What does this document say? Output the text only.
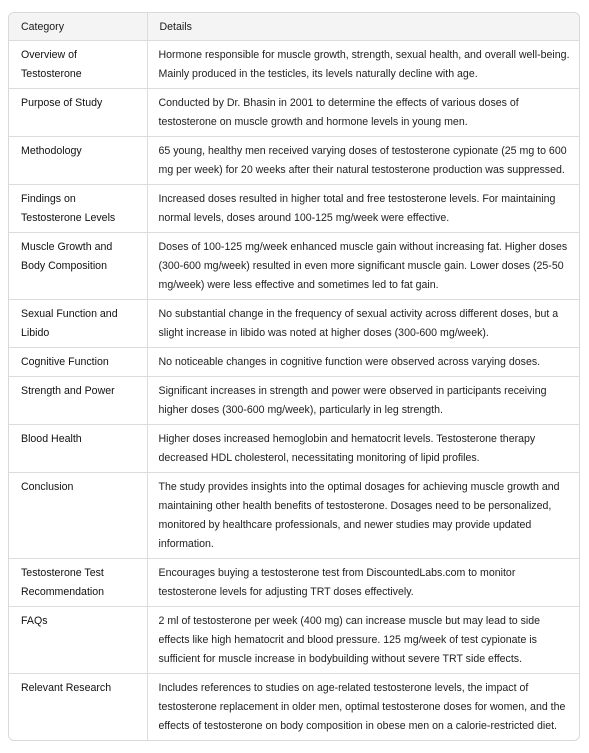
Category	Details
Overview of Testosterone	Hormone responsible for muscle growth, strength, sexual health, and overall well-being. Mainly produced in the testicles, its levels naturally decline with age.
Purpose of Study	Conducted by Dr. Bhasin in 2001 to determine the effects of various doses of testosterone on muscle growth and hormone levels in young men.
Methodology	65 young, healthy men received varying doses of testosterone cypionate (25 mg to 600 mg per week) for 20 weeks after their natural testosterone production was suppressed.
Findings on Testosterone Levels	Increased doses resulted in higher total and free testosterone levels. For maintaining normal levels, doses around 100-125 mg/week were effective.
Muscle Growth and Body Composition	Doses of 100-125 mg/week enhanced muscle gain without increasing fat. Higher doses (300-600 mg/week) resulted in even more significant muscle gain. Lower doses (25-50 mg/week) were less effective and sometimes led to fat gain.
Sexual Function and Libido	No substantial change in the frequency of sexual activity across different doses, but a slight increase in libido was noted at higher doses (300-600 mg/week).
Cognitive Function	No noticeable changes in cognitive function were observed across varying doses.
Strength and Power	Significant increases in strength and power were observed in participants receiving higher doses (300-600 mg/week), particularly in leg strength.
Blood Health	Higher doses increased hemoglobin and hematocrit levels. Testosterone therapy decreased HDL cholesterol, necessitating monitoring of lipid profiles.
Conclusion	The study provides insights into the optimal dosages for achieving muscle growth and maintaining other health benefits of testosterone. Dosages need to be personalized, monitored by healthcare professionals, and newer studies may provide updated information.
Testosterone Test Recommendation	Encourages buying a testosterone test from DiscountedLabs.com to monitor testosterone levels for adjusting TRT doses effectively.
FAQs	2 ml of testosterone per week (400 mg) can increase muscle but may lead to side effects like high hematocrit and blood pressure. 125 mg/week of test cypionate is sufficient for muscle increase in bodybuilding without severe TRT side effects.
Relevant Research	Includes references to studies on age-related testosterone levels, the impact of testosterone replacement in older men, optimal testosterone doses for women, and the effects of testosterone on body composition in obese men on a calorie-restricted diet.
